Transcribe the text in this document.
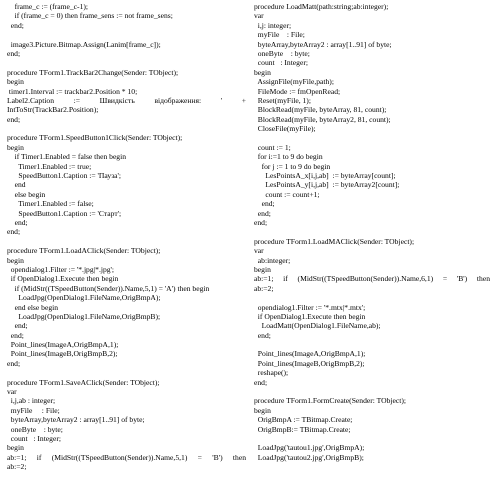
frame_c := (frame_c-1);
if (frame_c = 0) then frame_sens := not frame_sens;
end;
image3.Picture.Bitmap.Assign(Lanim[frame_c]);
end;
procedure TForm1.TrackBar2Change(Sender: TObject);
begin
timer1.Interval := trackbar2.Position * 10;
Label2.Caption := Швидкість відображення: ' +
IntToStr(TrackBar2.Position);
end;
procedure TForm1.SpeedButton1Click(Sender: TObject);
begin
if Timer1.Enabled = false then begin
Timer1.Enabled := true;
SpeedButton1.Caption := 'Пауза';
end
else begin
Timer1.Enabled := false;
SpeedButton1.Caption := 'Старт';
end;
end;
procedure TForm1.LoadAClick(Sender: TObject);
begin
opendialog1.Filter := '*.jpg|*.jpg';
if OpenDialog1.Execute then begin
if (MidStr((TSpeedButton(Sender)).Name,5,1) = 'A') then begin
LoadJpg(OpenDialog1.FileName,OrigBmpA);
end else begin
LoadJpg(OpenDialog1.FileName,OrigBmpB);
end;
end;
Point_lines(ImageA,OrigBmpA,1);
Point_lines(ImageB,OrigBmpB,2);
end;
procedure TForm1.SaveAClick(Sender: TObject);
var
i,j,ab : integer;
myFile     : File;
byteArray,byteArray2 : array[1..91] of byte;
oneByte    : byte;
count   : Integer;
begin
ab:=1; if (MidStr((TSpeedButton(Sender)).Name,5,1) = 'B') then
ab:=2;
procedure LoadMatt(path:string;ab:integer);
var
i,j: integer;
myFile    : File;
byteArray,byteArray2 : array[1..91] of byte;
oneByte    : byte;
count   : Integer;
begin
AssignFile(myFile,path);
FileMode := fmOpenRead;
Reset(myFile, 1);
BlockRead(myFile, byteArray, 81, count);
BlockRead(myFile, byteArray2, 81, count);
CloseFile(myFile);
count := 1;
for i:=1 to 9 do begin
for j := 1 to 9 do begin
LesPointsA_x[i,j,ab]  := byteArray[count];
LesPointsA_y[i,j,ab]  := byteArray2[count];
count := count+1;
end;
end;
end;
procedure TForm1.LoadMAClick(Sender: TObject);
var
ab:integer;
begin
ab:=1; if (MidStr((TSpeedButton(Sender)).Name,6,1) = 'B') then
ab:=2;
opendialog1.Filter := '*.mtx|*.mtx';
if OpenDialog1.Execute then begin
LoadMatt(OpenDialog1.FileName,ab);
end;
Point_lines(ImageA,OrigBmpA,1);
Point_lines(ImageB,OrigBmpB,2);
reshape();
end;
procedure TForm1.FormCreate(Sender: TObject);
begin
OrigBmpA := TBitmap.Create;
OrigBmpB:= TBitmap.Create;
LoadJpg('tautou1.jpg',OrigBmpA);
LoadJpg('tautou2.jpg',OrigBmpB);
